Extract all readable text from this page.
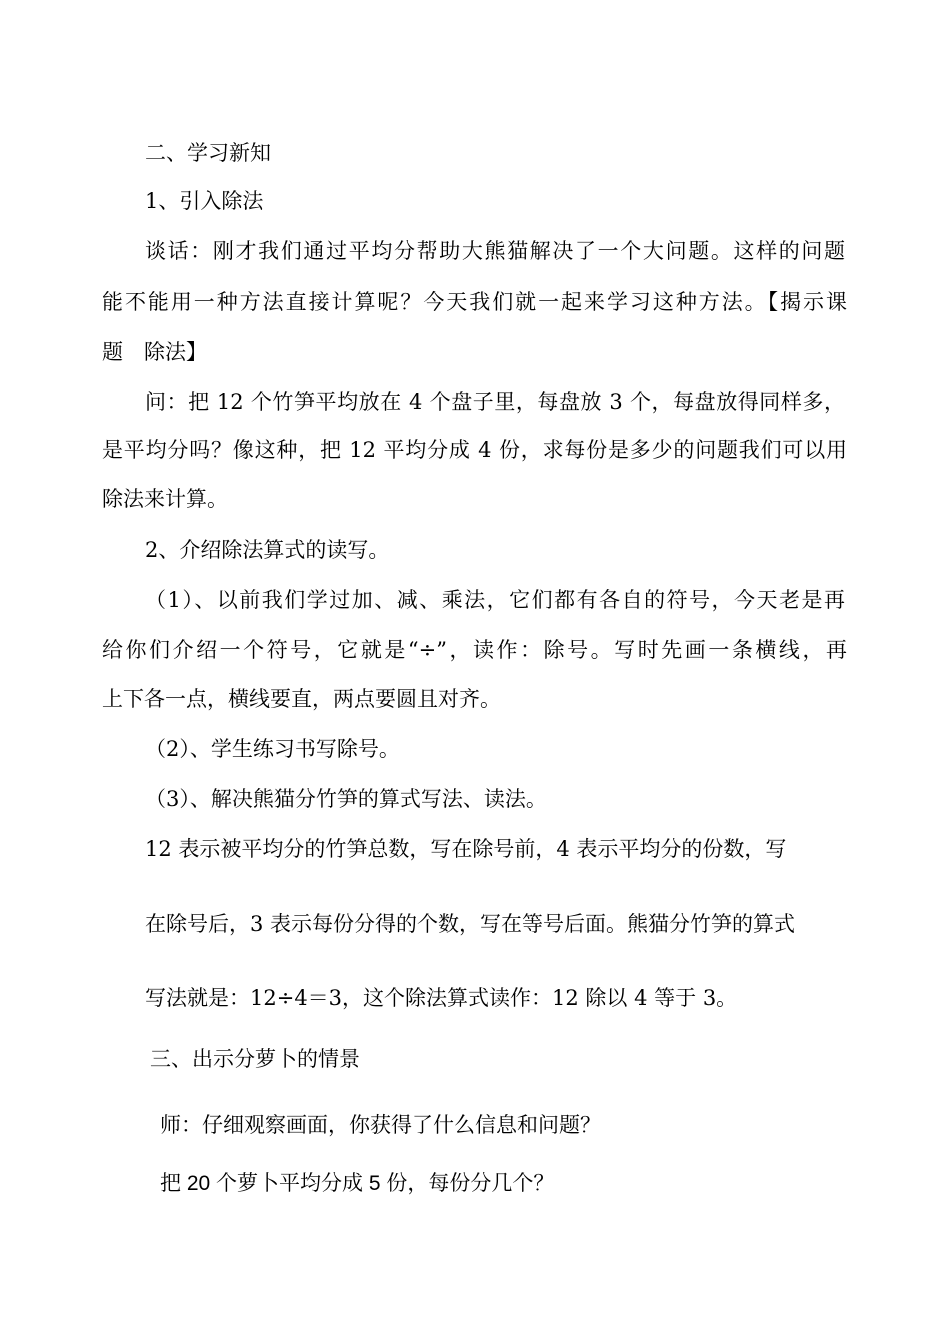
二、学习新知
1、引入除法
谈话：刚才我们通过平均分帮助大熊猫解决了一个大问题。这样的问题
能不能用一种方法直接计算呢？今天我们就一起来学习这种方法。【揭示课
题　除法】
问：把 12 个竹笋平均放在 4 个盘子里，每盘放 3 个，每盘放得同样多，
是平均分吗？像这种，把 12 平均分成 4 份，求每份是多少的问题我们可以用
除法来计算。
2、介绍除法算式的读写。
（1）、以前我们学过加、减、乘法，它们都有各自的符号，今天老是再
给你们介绍一个符号，它就是“÷”，读作：除号。写时先画一条横线，再
上下各一点，横线要直，两点要圆且对齐。
（2）、学生练习书写除号。
（3）、解决熊猫分竹笋的算式写法、读法。
12 表示被平均分的竹笋总数，写在除号前，4 表示平均分的份数，写
在除号后，3 表示每份分得的个数，写在等号后面。熊猫分竹笋的算式
写法就是：12÷4＝3，这个除法算式读作：12 除以 4 等于 3。
三、出示分萝卜的情景
师：仔细观察画面，你获得了什么信息和问题？
把 20 个萝卜平均分成 5 份，每份分几个？
